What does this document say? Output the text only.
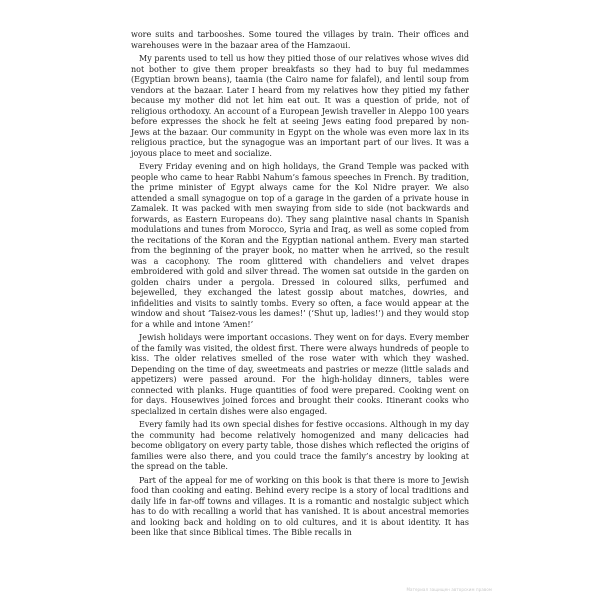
wore suits and tarbooshes. Some toured the villages by train. Their offices and warehouses were in the bazaar area of the Hamzaoui.

My parents used to tell us how they pitied those of our relatives whose wives did not bother to give them proper breakfasts so they had to buy ful medammes (Egyptian brown beans), taamia (the Cairo name for falafel), and lentil soup from vendors at the bazaar. Later I heard from my relatives how they pitied my father because my mother did not let him eat out. It was a question of pride, not of religious orthodoxy. An account of a European Jewish traveller in Aleppo 100 years before expresses the shock he felt at seeing Jews eating food prepared by non-Jews at the bazaar. Our community in Egypt on the whole was even more lax in its religious practice, but the synagogue was an important part of our lives. It was a joyous place to meet and socialize.

Every Friday evening and on high holidays, the Grand Temple was packed with people who came to hear Rabbi Nahum’s famous speeches in French. By tradition, the prime minister of Egypt always came for the Kol Nidre prayer. We also attended a small synagogue on top of a garage in the garden of a private house in Zamalek. It was packed with men swaying from side to side (not backwards and forwards, as Eastern Europeans do). They sang plaintive nasal chants in Spanish modulations and tunes from Morocco, Syria and Iraq, as well as some copied from the recitations of the Koran and the Egyptian national anthem. Every man started from the beginning of the prayer book, no matter when he arrived, so the result was a cacophony. The room glittered with chandeliers and velvet drapes embroidered with gold and silver thread. The women sat outside in the garden on golden chairs under a pergola. Dressed in coloured silks, perfumed and bejewelled, they exchanged the latest gossip about matches, dowries, and infidelities and visits to saintly tombs. Every so often, a face would appear at the window and shout ‘Taisez-vous les dames!’ (‘Shut up, ladies!’) and they would stop for a while and intone ‘Amen!’

Jewish holidays were important occasions. They went on for days. Every member of the family was visited, the oldest first. There were always hundreds of people to kiss. The older relatives smelled of the rose water with which they washed. Depending on the time of day, sweetmeats and pastries or mezze (little salads and appetizers) were passed around. For the high-holiday dinners, tables were connected with planks. Huge quantities of food were prepared. Cooking went on for days. Housewives joined forces and brought their cooks. Itinerant cooks who specialized in certain dishes were also engaged.

Every family had its own special dishes for festive occasions. Although in my day the community had become relatively homogenized and many delicacies had become obligatory on every party table, those dishes which reflected the origins of families were also there, and you could trace the family’s ancestry by looking at the spread on the table.

Part of the appeal for me of working on this book is that there is more to Jewish food than cooking and eating. Behind every recipe is a story of local traditions and daily life in far-off towns and villages. It is a romantic and nostalgic subject which has to do with recalling a world that has vanished. It is about ancestral memories and looking back and holding on to old cultures, and it is about identity. It has been like that since Biblical times. The Bible recalls in

Материал защищен авторским правом
